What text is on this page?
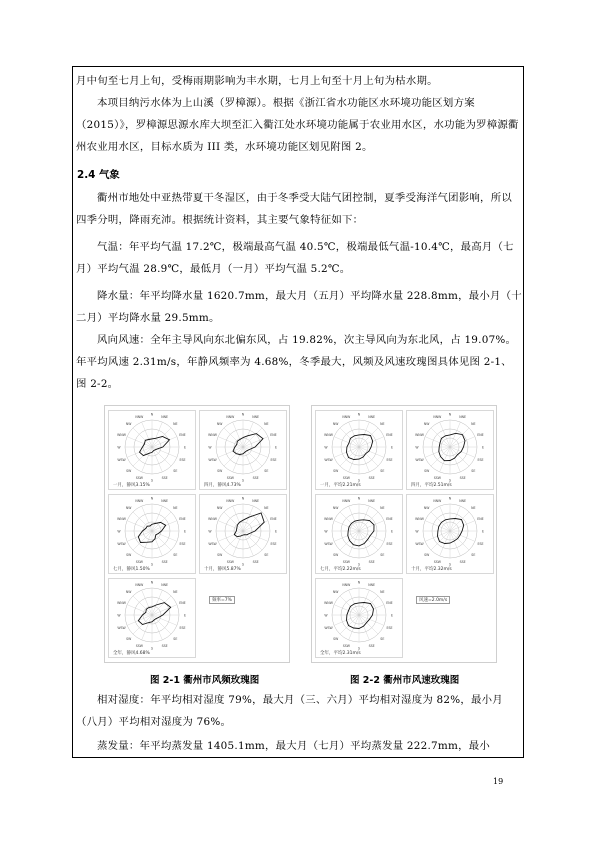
月中旬至七月上旬，受梅雨期影响为丰水期，七月上旬至十月上旬为枯水期。

本项目纳污水体为上山溪（罗樟源）。根据《浙江省水功能区水环境功能区划方案（2015）》，罗樟源思源水库大坝至汇入衢江处水环境功能属于农业用水区，水功能为罗樟源衢州农业用水区，目标水质为 III 类，水环境功能区划见附图 2。

2.4 气象

衢州市地处中亚热带夏干冬湿区，由于冬季受大陆气团控制，夏季受海洋气团影响，所以四季分明，降雨充沛。根据统计资料，其主要气象特征如下：

气温：年平均气温 17.2℃，极端最高气温 40.5℃，极端最低气温-10.4℃，最高月（七月）平均气温 28.9℃，最低月（一月）平均气温 5.2℃。

降水量：年平均降水量 1620.7mm，最大月（五月）平均降水量 228.8mm，最小月（十二月）平均降水量 29.5mm。

风向风速：全年主导风向东北偏东风，占 19.82%，次主导风向为东北风，占 19.07%。年平均风速 2.31m/s，年静风频率为 4.68%，冬季最大，风频及风速玫瑰图具体见图 2-1、图 2-2。

N
NNE
NE
ENE
E
ESE
SE
SSE
S
SSW
SW
WSW
W
WNW
NW
NNW
一月，静风3.15%
N
NNE
NE
ENE
E
ESE
SE
SSE
S
SSW
SW
WSW
W
WNW
NW
NNW
四月，静风4.73%
N
NNE
NE
ENE
E
ESE
SE
SSE
S
SSW
SW
WSW
W
WNW
NW
NNW
七月，静风1.50%
N
NNE
NE
ENE
E
ESE
SE
SSE
S
SSW
SW
WSW
W
WNW
NW
NNW
十月，静风5.87%
N
NNE
NE
ENE
E
ESE
SE
SSE
S
SSW
SW
WSW
W
WNW
NW
NNW
全年，静风4.68%
频率=7%
N
NNE
NE
ENE
E
ESE
SE
SSE
S
SSW
SW
WSW
W
WNW
NW
NNW
一月，平均2.21m/s
N
NNE
NE
ENE
E
ESE
SE
SSE
S
SSW
SW
WSW
W
WNW
NW
NNW
四月，平均2.51m/s
N
NNE
NE
ENE
E
ESE
SE
SSE
S
SSW
SW
WSW
W
WNW
NW
NNW
七月，平均2.22m/s
N
NNE
NE
ENE
E
ESE
SE
SSE
S
SSW
SW
WSW
W
WNW
NW
NNW
十月，平均2.32m/s
N
NNE
NE
ENE
E
ESE
SE
SSE
S
SSW
SW
WSW
W
WNW
NW
NNW
全年，平均2.31m/s
风速=2.0m/s
图 2-1 衢州市风频玫瑰图	图 2-2 衢州市风速玫瑰图

相对湿度：年平均相对湿度 79%，最大月（三、六月）平均相对湿度为 82%，最小月（八月）平均相对湿度为 76%。

蒸发量：年平均蒸发量 1405.1mm，最大月（七月）平均蒸发量 222.7mm，最小

19
